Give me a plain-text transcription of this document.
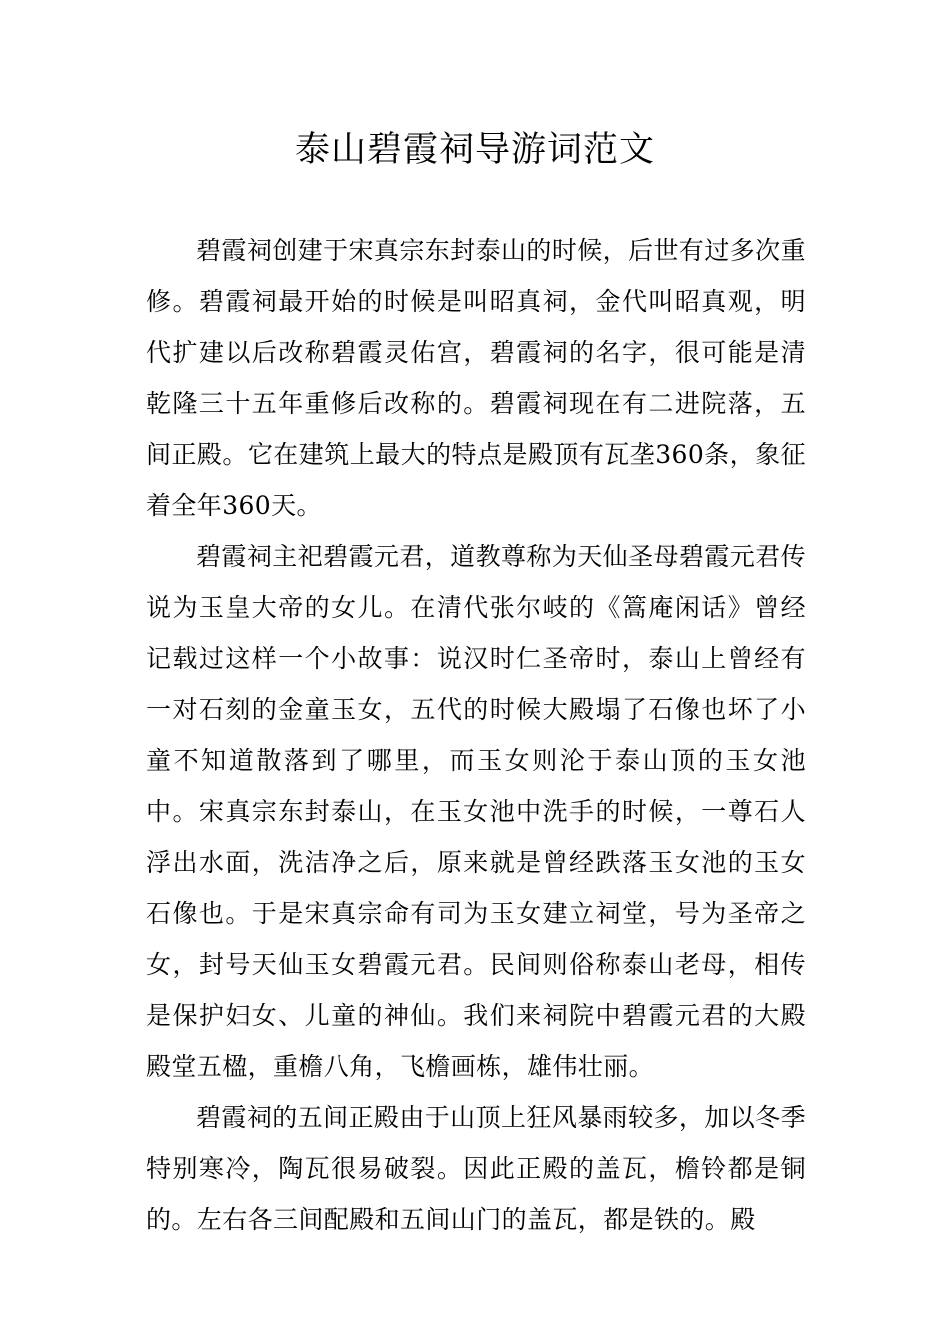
泰山碧霞祠导游词范文

碧霞祠创建于宋真宗东封泰山的时候，后世有过多次重修。碧霞祠最开始的时候是叫昭真祠，金代叫昭真观，明代扩建以后改称碧霞灵佑宫，碧霞祠的名字，很可能是清乾隆三十五年重修后改称的。碧霞祠现在有二进院落，五间正殿。它在建筑上最大的特点是殿顶有瓦垄360条，象征着全年360天。

碧霞祠主祀碧霞元君，道教尊称为天仙圣母碧霞元君传说为玉皇大帝的女儿。在清代张尔岐的《篙庵闲话》曾经记载过这样一个小故事：说汉时仁圣帝时，泰山上曾经有一对石刻的金童玉女，五代的时候大殿塌了石像也坏了小童不知道散落到了哪里，而玉女则沦于泰山顶的玉女池中。宋真宗东封泰山，在玉女池中洗手的时候，一尊石人浮出水面，洗洁净之后，原来就是曾经跌落玉女池的玉女石像也。于是宋真宗命有司为玉女建立祠堂，号为圣帝之女，封号天仙玉女碧霞元君。民间则俗称泰山老母，相传是保护妇女、儿童的神仙。我们来祠院中碧霞元君的大殿殿堂五楹，重檐八角，飞檐画栋，雄伟壮丽。

碧霞祠的五间正殿由于山顶上狂风暴雨较多，加以冬季特别寒冷，陶瓦很易破裂。因此正殿的盖瓦，檐铃都是铜的。左右各三间配殿和五间山门的盖瓦，都是铁的。殿
